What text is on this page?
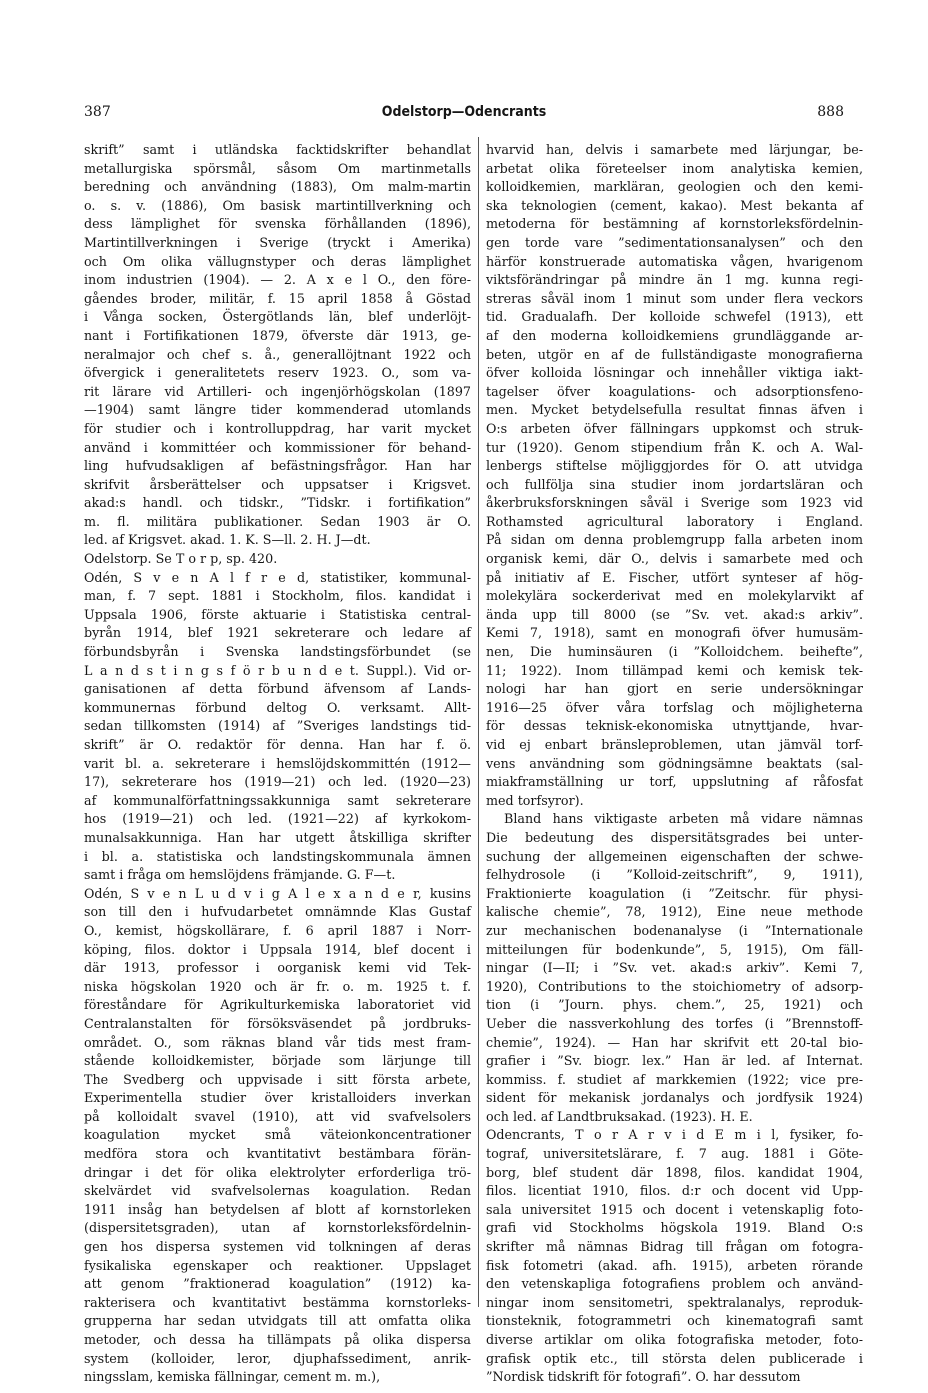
387	Odelstorp—Odencrants	888
skrift” samt i utländska facktidskrifter behandlat
metallurgiska spörsmål, såsom Om martinmetalls
beredning och användning (1883), Om malm-martin
o. s. v. (1886), Om basisk martintillverkning och
dess lämplighet för svenska förhållanden (1896),
Martintillverkningen i Sverige (tryckt i Amerika)
och Om olika vällugnstyper och deras lämplighet
inom industrien (1904). — 2. A x e l O., den före-
gåendes broder, militär, f. 15 april 1858 å Göstad
i Vånga socken, Östergötlands län, blef underlöjt-
nant i Fortifikationen 1879, öfverste där 1913, ge-
neralmajor och chef s. å., generallöjtnant 1922 och
öfvergick i generalitetets reserv 1923. O., som va-
rit lärare vid Artilleri- och ingenjörhögskolan (1897
—1904) samt längre tider kommenderad utomlands
för studier och i kontrolluppdrag, har varit mycket
använd i kommittéer och kommissioner för behand-
ling hufvudsakligen af befästningsfrågor. Han har
skrifvit årsberättelser och uppsatser i Krigsvet.
akad:s handl. och tidskr., ”Tidskr. i fortifikation”
m. fl. militära publikationer. Sedan 1903 är O.
led. af Krigsvet. akad. 1. K. S—ll. 2. H. J—dt.
Odelstorp. Se T o r p, sp. 420.
Odén, S v e n A l f r e d, statistiker, kommunal-
man, f. 7 sept. 1881 i Stockholm, filos. kandidat i
Uppsala 1906, förste aktuarie i Statistiska central-
byrån 1914, blef 1921 sekreterare och ledare af
förbundsbyrån i Svenska landstingsförbundet (se
L a n d s t i n g s f ö r b u n d e t. Suppl.). Vid or-
ganisationen af detta förbund äfvensom af Lands-
kommunernas förbund deltog O. verksamt. Allt-
sedan tillkomsten (1914) af ”Sveriges landstings tid-
skrift” är O. redaktör för denna. Han har f. ö.
varit bl. a. sekreterare i hemslöjdskommittén (1912—
17), sekreterare hos (1919—21) och led. (1920—23)
af kommunalförfattningssakkunniga samt sekreterare
hos (1919—21) och led. (1921—22) af kyrkokom-
munalsakkunniga. Han har utgett åtskilliga skrifter
i bl. a. statistiska och landstingskommunala ämnen
samt i fråga om hemslöjdens främjande. G. F—t.
Odén, S v e n L u d v i g A l e x a n d e r, kusins
son till den i hufvudarbetet omnämnde Klas Gustaf
O., kemist, högskollärare, f. 6 april 1887 i Norr-
köping, filos. doktor i Uppsala 1914, blef docent i
där 1913, professor i oorganisk kemi vid Tek-
niska högskolan 1920 och är fr. o. m. 1925 t. f.
föreståndare för Agrikulturkemiska laboratoriet vid
Centralanstalten för försöksväsendet på jordbruks-
området. O., som räknas bland vår tids mest fram-
stående kolloidkemister, började som lärjunge till
The Svedberg och uppvisade i sitt första arbete,
Experimentella studier över kristalloiders inverkan
på kolloidalt svavel (1910), att vid svafvelsolers
koagulation mycket små väteionkoncentrationer
medföra stora och kvantitativt bestämbara förän-
dringar i det för olika elektrolyter erforderliga trö-
skelvärdet vid svafvelsolernas koagulation. Redan
1911 insåg han betydelsen af blott af kornstorleken
(dispersitetsgraden), utan af kornstorleksfördelnin-
gen hos dispersa systemen vid tolkningen af deras
fysikaliska egenskaper och reaktioner. Uppslaget
att genom ”fraktionerad koagulation” (1912) ka-
rakterisera och kvantitativt bestämma kornstorleks-
grupperna har sedan utvidgats till att omfatta olika
metoder, och dessa ha tillämpats på olika dispersa
system (kolloider, leror, djuphafssediment, anrik-
ningsslam, kemiska fällningar, cement m. m.),
hvarvid han, delvis i samarbete med lärjungar, be-
arbetat olika företeelser inom analytiska kemien,
kolloidkemien, markläran, geologien och den kemi-
ska teknologien (cement, kakao). Mest bekanta af
metoderna för bestämning af kornstorleksfördelnin-
gen torde vare ”sedimentationsanalysen” och den
härför konstruerade automatiska vågen, hvarigenom
viktsförändringar på mindre än 1 mg. kunna regi-
streras såväl inom 1 minut som under flera veckors
tid. Gradualafh. Der kolloide schwefel (1913), ett
af den moderna kolloidkemiens grundläggande ar-
beten, utgör en af de fullständigaste monografierna
öfver kolloida lösningar och innehåller viktiga iakt-
tagelser öfver koagulations- och adsorptionsfeno-
men. Mycket betydelsefulla resultat finnas äfven i
O:s arbeten öfver fällningars uppkomst och struk-
tur (1920). Genom stipendium från K. och A. Wal-
lenbergs stiftelse möjliggjordes för O. att utvidga
och fullfölja sina studier inom jordartsläran och
åkerbruksforskningen såväl i Sverige som 1923 vid
Rothamsted agricultural laboratory i England.
På sidan om denna problemgrupp falla arbeten inom
organisk kemi, där O., delvis i samarbete med och
på initiativ af E. Fischer, utfört synteser af hög-
molekylära sockerderivat med en molekylarvikt af
ända upp till 8000 (se ”Sv. vet. akad:s arkiv”.
Kemi 7, 1918), samt en monografi öfver humusäm-
nen, Die huminsäuren (i ”Kolloidchem. beihefte”,
11; 1922). Inom tillämpad kemi och kemisk tek-
nologi har han gjort en serie undersökningar
1916—25 öfver våra torfslag och möjligheterna
för dessas teknisk-ekonomiska utnyttjande, hvar-
vid ej enbart bränsleproblemen, utan jämväl torf-
vens användning som gödningsämne beaktats (sal-
miakframställning ur torf, uppslutning af råfosfat
med torfsyror).
Bland hans viktigaste arbeten må vidare nämnas
Die bedeutung des dispersitätsgrades bei unter-
suchung der allgemeinen eigenschaften der schwe-
felhydrosole (i ”Kolloid-zeitschrift”, 9, 1911),
Fraktionierte koagulation (i ”Zeitschr. für physi-
kalische chemie”, 78, 1912), Eine neue methode
zur mechanischen bodenanalyse (i ”Internationale
mitteilungen für bodenkunde”, 5, 1915), Om fäll-
ningar (I—II; i ”Sv. vet. akad:s arkiv”. Kemi 7,
1920), Contributions to the stoichiometry of adsorp-
tion (i ”Journ. phys. chem.”, 25, 1921) och
Ueber die nassverkohlung des torfes (i ”Brennstoff-
chemie”, 1924). — Han har skrifvit ett 20-tal bio-
grafier i ”Sv. biogr. lex.” Han är led. af Internat.
kommiss. f. studiet af markkemien (1922; vice pre-
sident för mekanisk jordanalys och jordfysik 1924)
och led. af Landtbruksakad. (1923). H. E.
Odencrants, T o r A r v i d E m i l, fysiker, fo-
tograf, universitetslärare, f. 7 aug. 1881 i Göte-
borg, blef student där 1898, filos. kandidat 1904,
filos. licentiat 1910, filos. d:r och docent vid Upp-
sala universitet 1915 och docent i vetenskaplig foto-
grafi vid Stockholms högskola 1919. Bland O:s
skrifter må nämnas Bidrag till frågan om fotogra-
fisk fotometri (akad. afh. 1915), arbeten rörande
den vetenskapliga fotografiens problem och använd-
ningar inom sensitometri, spektralanalys, reproduk-
tionsteknik, fotogrammetri och kinematografi samt
diverse artiklar om olika fotografiska metoder, foto-
grafisk optik etc., till största delen publicerade i
”Nordisk tidskrift för fotografi”. O. har dessutom
